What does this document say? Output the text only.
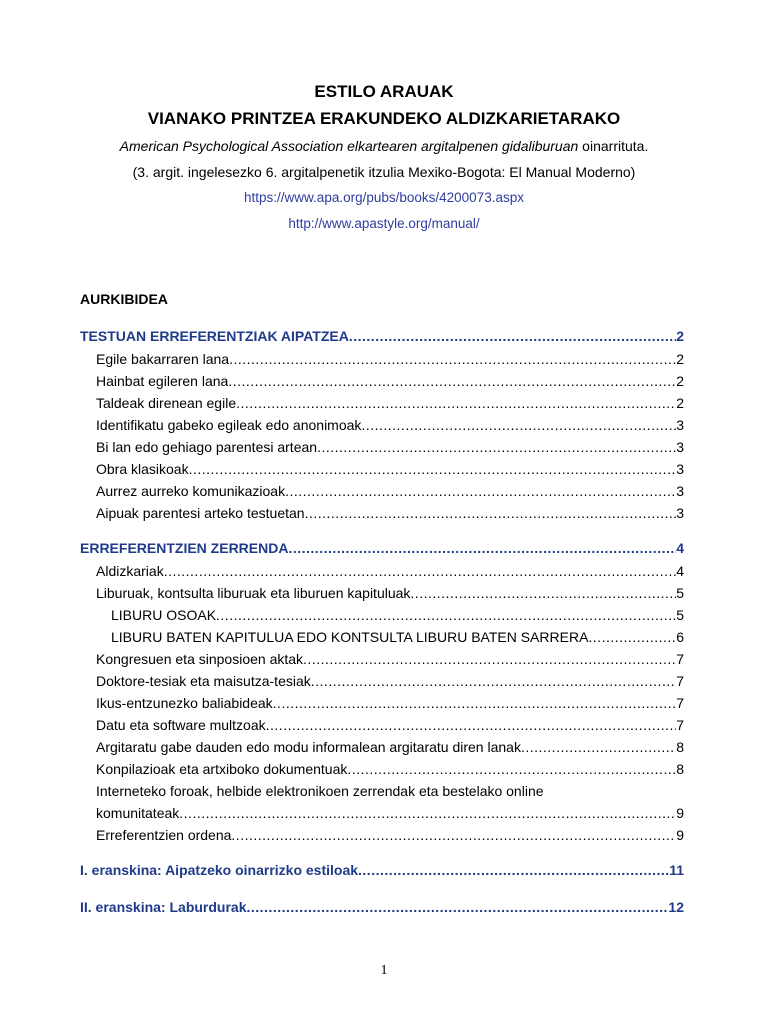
ESTILO ARAUAK
VIANAKO PRINTZEA ERAKUNDEKO ALDIZKARIETARAKO
American Psychological Association elkartearen argitalpenen gidaliburuan oinarrituta.
(3. argit. ingelesezko 6. argitalpenetik itzulia Mexiko-Bogota: El Manual Moderno)
https://www.apa.org/pubs/books/4200073.aspx
http://www.apastyle.org/manual/
AURKIBIDEA
TESTUAN ERREFERENTZIAK AIPATZEA .....	2
Egile bakarraren lana .....	2
Hainbat egileren lana .....	2
Taldeak direnean egile .....	2
Identifikatu gabeko egileak edo anonimoak .....	3
Bi lan edo gehiago parentesi artean .....	3
Obra klasikoak .....	3
Aurrez aurreko komunikazioak .....	3
Aipuak parentesi arteko testuetan .....	3
ERREFERENTZIEN ZERRENDA .....	4
Aldizkariak .....	4
Liburuak, kontsulta liburuak eta liburuen kapituluak .....	5
LIBURU OSOAK .....	5
LIBURU BATEN KAPITULUA EDO KONTSULTA LIBURU BATEN SARRERA .....	6
Kongresuen eta sinposioen aktak .....	7
Doktore-tesiak eta maisutza-tesiak .....	7
Ikus-entzunezko baliabideak .....	7
Datu eta software multzoak .....	7
Argitaratu gabe dauden edo modu informalean argitaratu diren lanak .....	8
Konpilazioak eta artxiboko dokumentuak .....	8
Interneteko foroak, helbide elektronikoen zerrendak eta bestelako online
komunitateak .....	9
Erreferentzien ordena .....	9
I. eranskina: Aipatzeko oinarrizko estiloak .....	11
II. eranskina: Laburdurak .....	12
1
